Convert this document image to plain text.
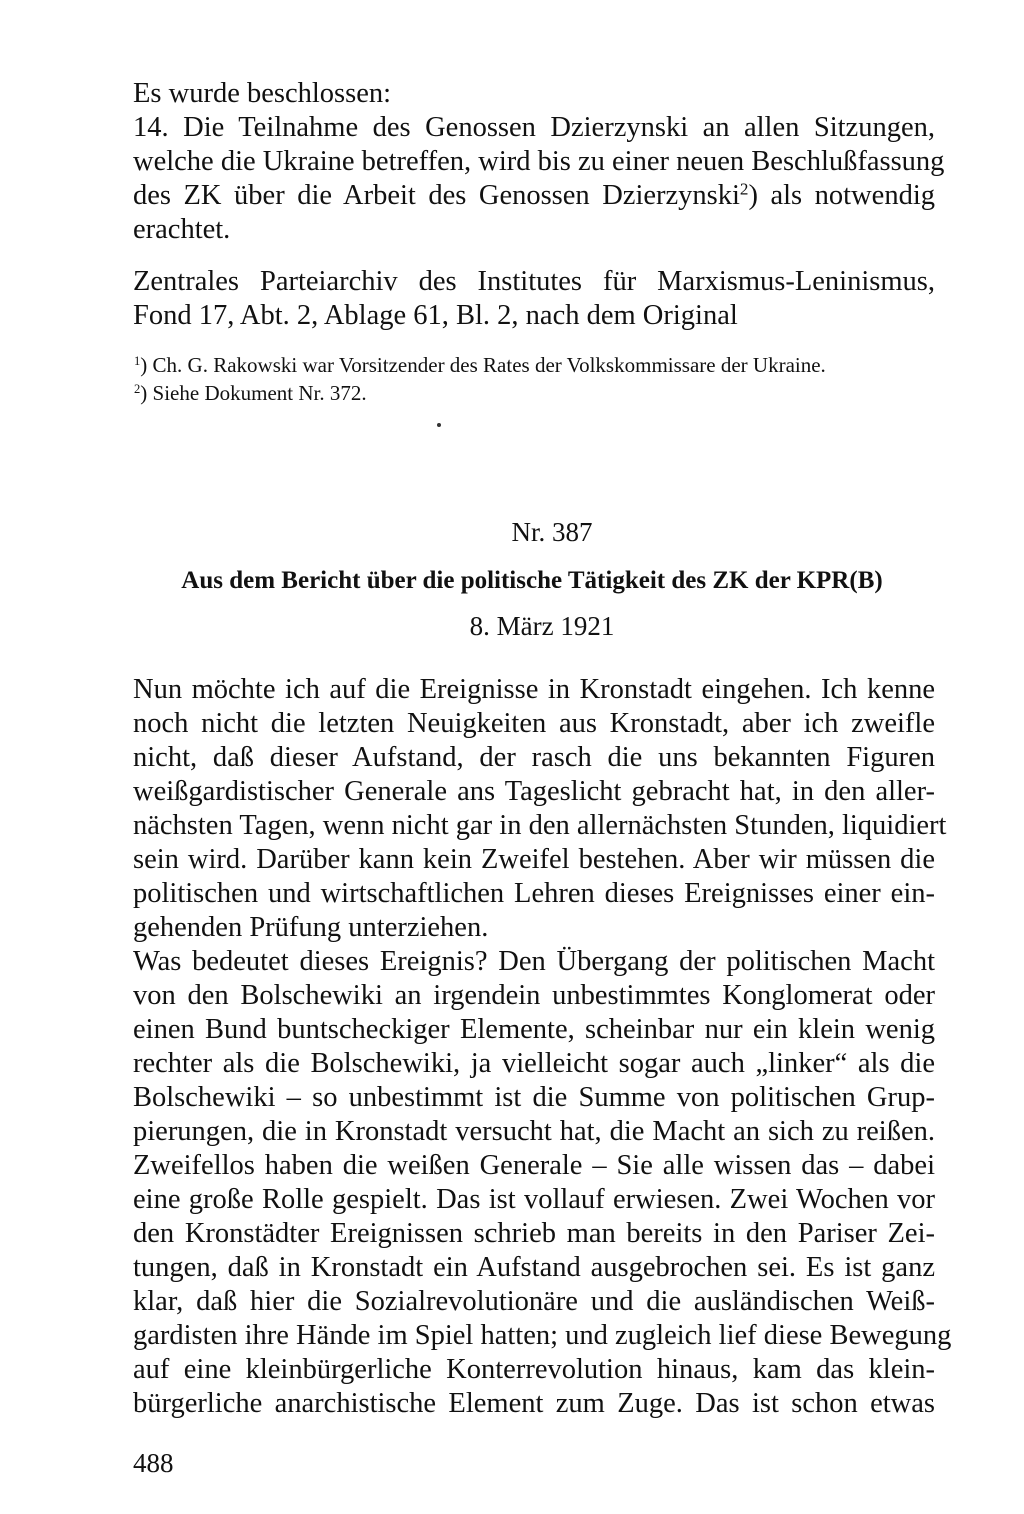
Es wurde beschlossen:
14. Die Teilnahme des Genossen Dzierzynski an allen Sitzungen,
welche die Ukraine betreffen, wird bis zu einer neuen Beschlußfassung
des ZK über die Arbeit des Genossen Dzierzynski$^2$) als notwendig
erachtet.
Zentrales Parteiarchiv des Institutes für Marxismus-Leninismus,
Fond 17, Abt. 2, Ablage 61, Bl. 2, nach dem Original
$^1$) Ch. G. Rakowski war Vorsitzender des Rates der Volkskommissare der Ukraine.
$^2$) Siehe Dokument Nr. 372.
Nr. 387
Aus dem Bericht über die politische Tätigkeit des ZK der KPR(B)
8. März 1921
Nun möchte ich auf die Ereignisse in Kronstadt eingehen. Ich kenne
noch nicht die letzten Neuigkeiten aus Kronstadt, aber ich zweifle
nicht, daß dieser Aufstand, der rasch die uns bekannten Figuren
weißgardistischer Generale ans Tageslicht gebracht hat, in den aller-
nächsten Tagen, wenn nicht gar in den allernächsten Stunden, liquidiert
sein wird. Darüber kann kein Zweifel bestehen. Aber wir müssen die
politischen und wirtschaftlichen Lehren dieses Ereignisses einer ein-
gehenden Prüfung unterziehen.
Was bedeutet dieses Ereignis? Den Übergang der politischen Macht
von den Bolschewiki an irgendein unbestimmtes Konglomerat oder
einen Bund buntscheckiger Elemente, scheinbar nur ein klein wenig
rechter als die Bolschewiki, ja vielleicht sogar auch „linker“ als die
Bolschewiki – so unbestimmt ist die Summe von politischen Grup-
pierungen, die in Kronstadt versucht hat, die Macht an sich zu reißen.
Zweifellos haben die weißen Generale – Sie alle wissen das – dabei
eine große Rolle gespielt. Das ist vollauf erwiesen. Zwei Wochen vor
den Kronstädter Ereignissen schrieb man bereits in den Pariser Zei-
tungen, daß in Kronstadt ein Aufstand ausgebrochen sei. Es ist ganz
klar, daß hier die Sozialrevolutionäre und die ausländischen Weiß-
gardisten ihre Hände im Spiel hatten; und zugleich lief diese Bewegung
auf eine kleinbürgerliche Konterrevolution hinaus, kam das klein-
bürgerliche anarchistische Element zum Zuge. Das ist schon etwas
488
